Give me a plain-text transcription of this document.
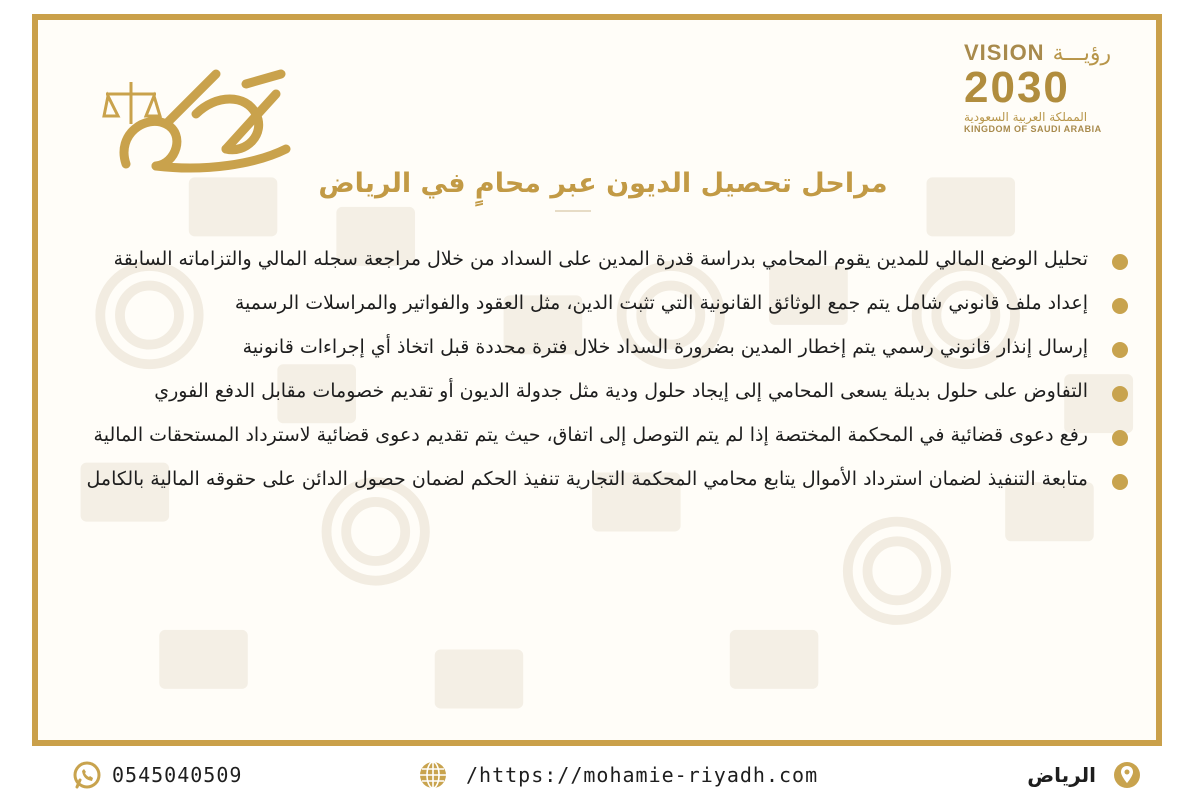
VISION رؤيـــة
2030
المملكة العربية السعودية
KINGDOM OF SAUDI ARABIA
مراحل تحصيل الديون عبر محامٍ في الرياض
تحليل الوضع المالي للمدين يقوم المحامي بدراسة قدرة المدين على السداد من خلال مراجعة سجله المالي والتزاماته السابقة
إعداد ملف قانوني شامل يتم جمع الوثائق القانونية التي تثبت الدين، مثل العقود والفواتير والمراسلات الرسمية
إرسال إنذار قانوني رسمي يتم إخطار المدين بضرورة السداد خلال فترة محددة قبل اتخاذ أي إجراءات قانونية
التفاوض على حلول بديلة يسعى المحامي إلى إيجاد حلول ودية مثل جدولة الديون أو تقديم خصومات مقابل الدفع الفوري
رفع دعوى قضائية في المحكمة المختصة إذا لم يتم التوصل إلى اتفاق، حيث يتم تقديم دعوى قضائية لاسترداد المستحقات المالية
متابعة التنفيذ لضمان استرداد الأموال يتابع محامي المحكمة التجارية تنفيذ الحكم لضمان حصول الدائن على حقوقه المالية بالكامل
0545040509	/https://mohamie-riyadh.com	الرياض
